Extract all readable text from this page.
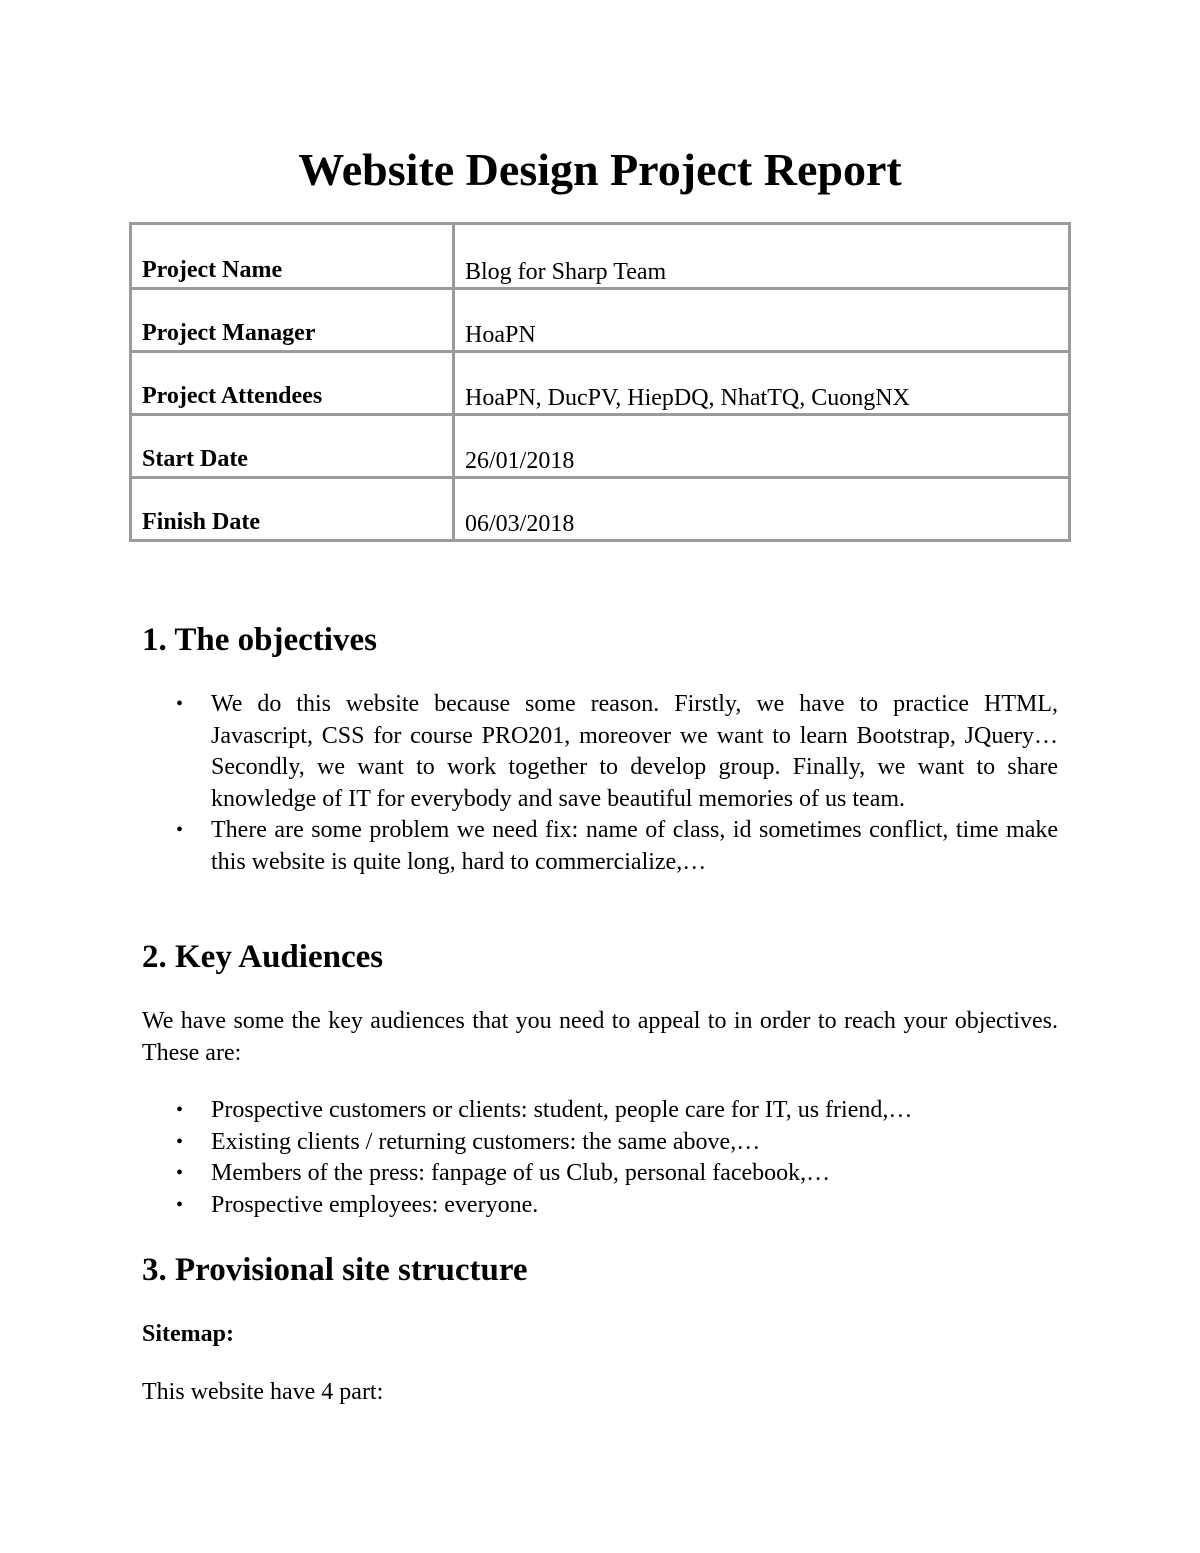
Website Design Project Report
Project Name	Blog for Sharp Team
Project Manager	HoaPN
Project Attendees	HoaPN, DucPV, HiepDQ, NhatTQ, CuongNX
Start Date	26/01/2018
Finish Date	06/03/2018
1. The objectives
• We do this website because some reason. Firstly, we have to practice HTML, Javascript, CSS for course PRO201, moreover we want to learn Bootstrap, JQuery… Secondly, we want to work together to develop group. Finally, we want to share knowledge of IT for everybody and save beautiful memories of us team.
• There are some problem we need fix: name of class, id sometimes conflict, time make this website is quite long, hard to commercialize,…
2. Key Audiences

We have some the key audiences that you need to appeal to in order to reach your objectives. These are:

• Prospective customers or clients: student, people care for IT, us friend,…
• Existing clients / returning customers: the same above,…
• Members of the press: fanpage of us Club, personal facebook,…
• Prospective employees: everyone.
3. Provisional site structure

Sitemap:

This website have 4 part:
